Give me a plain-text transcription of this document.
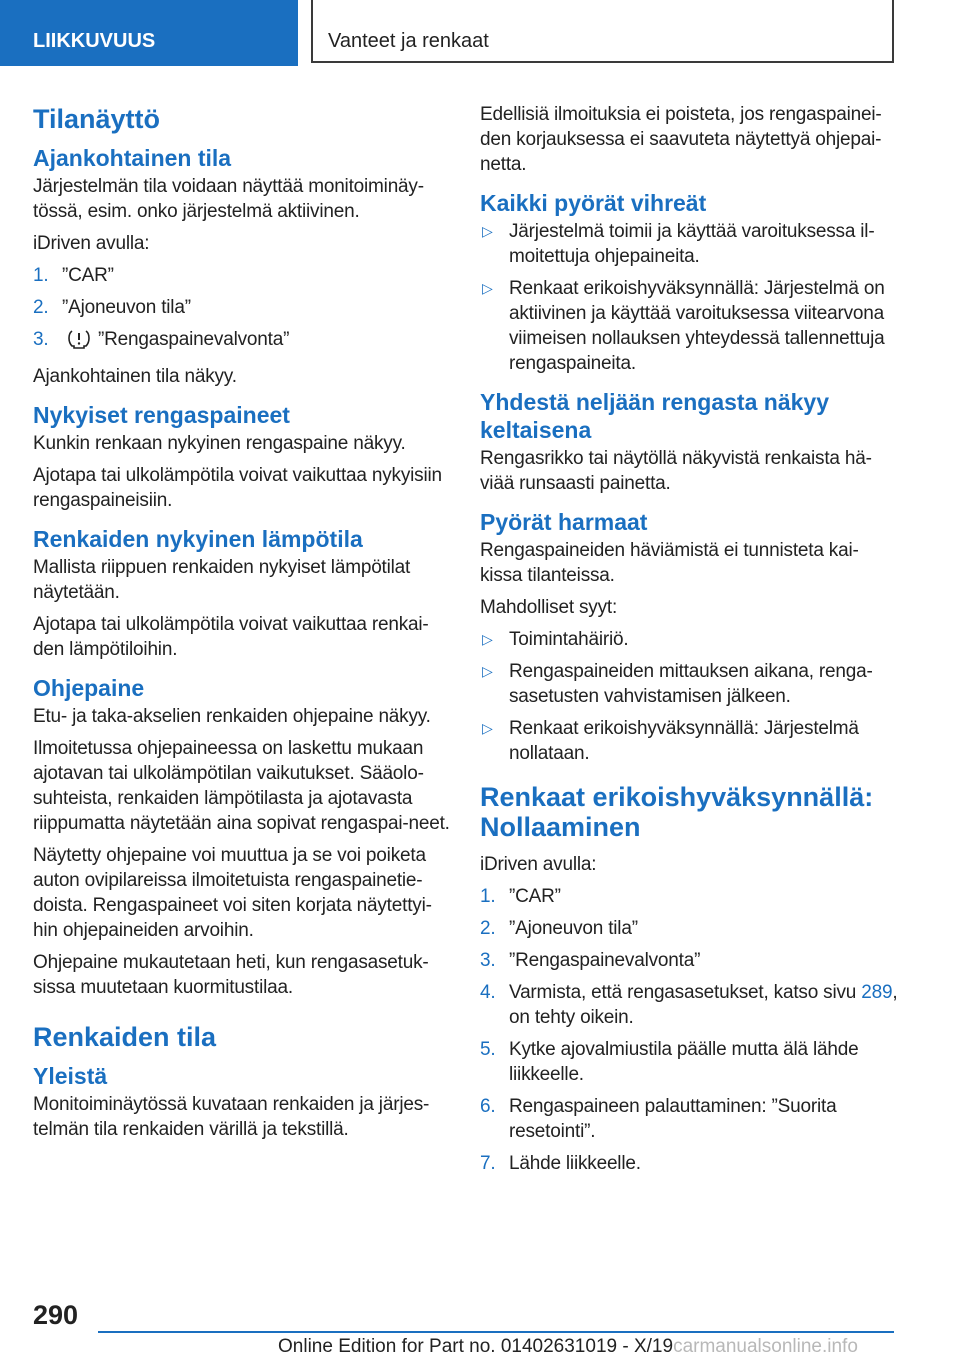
LIIKKUVUUS	Vanteet ja renkaat
Tilanäyttö
Ajankohtainen tila

Järjestelmän tila voidaan näyttää monitoiminäy-tössä, esim. onko järjestelmä aktiivinen.

iDriven avulla:

1. ”CAR”
2. ”Ajoneuvon tila”
3.	”Rengaspainevalvonta”

Ajankohtainen tila näkyy.

Nykyiset rengaspaineet

Kunkin renkaan nykyinen rengaspaine näkyy.

Ajotapa tai ulkolämpötila voivat vaikuttaa nykyisiin rengaspaineisiin.

Renkaiden nykyinen lämpötila

Mallista riippuen renkaiden nykyiset lämpötilat näytetään.

Ajotapa tai ulkolämpötila voivat vaikuttaa renkai-den lämpötiloihin.

Ohjepaine

Etu- ja taka-akselien renkaiden ohjepaine näkyy.

Ilmoitetussa ohjepaineessa on laskettu mukaan ajotavan tai ulkolämpötilan vaikutukset. Sääolo-suhteista, renkaiden lämpötilasta ja ajotavasta riippumatta näytetään aina sopivat rengaspai-neet.

Näytetty ohjepaine voi muuttua ja se voi poiketa auton ovipilareissa ilmoitetuista rengaspainetie-doista. Rengaspaineet voi siten korjata näytettyi-hin ohjepaineiden arvoihin.

Ohjepaine mukautetaan heti, kun rengasasetuk-sissa muutetaan kuormitustilaa.

Renkaiden tila
Yleistä

Monitoiminäytössä kuvataan renkaiden ja järjes-telmän tila renkaiden värillä ja tekstillä.

Edellisiä ilmoituksia ei poisteta, jos rengaspainei-den korjauksessa ei saavuteta näytettyä ohjepai-netta.

Kaikki pyörät vihreät
▷ Järjestelmä toimii ja käyttää varoituksessa il-moitettuja ohjepaineita.
▷ Renkaat erikoishyväksynnällä: Järjestelmä on aktiivinen ja käyttää varoituksessa viitearvona viimeisen nollauksen yhteydessä tallennettuja rengaspaineita.
Yhdestä neljään rengasta näkyy keltaisena

Rengasrikko tai näytöllä näkyvistä renkaista hä-viää runsaasti painetta.

Pyörät harmaat

Rengaspaineiden häviämistä ei tunnisteta kai-kissa tilanteissa.

Mahdolliset syyt:

▷ Toimintahäiriö.
▷ Rengaspaineiden mittauksen aikana, renga-sasetusten vahvistamisen jälkeen.
▷ Renkaat erikoishyväksynnällä: Järjestelmä nollataan.
Renkaat erikoishyväksynnällä: Nollaaminen

iDriven avulla:

1. ”CAR”
2. ”Ajoneuvon tila”
3. ”Rengaspainevalvonta”
4. Varmista, että rengasasetukset, katso sivu 289, on tehty oikein.
5. Kytke ajovalmiustila päälle mutta älä lähde liikkeelle.
6. Rengaspaineen palauttaminen: ”Suorita resetointi”.
7. Lähde liikkeelle.
290
Online Edition for Part no. 01402631019 - X/19carmanualsonline.info
